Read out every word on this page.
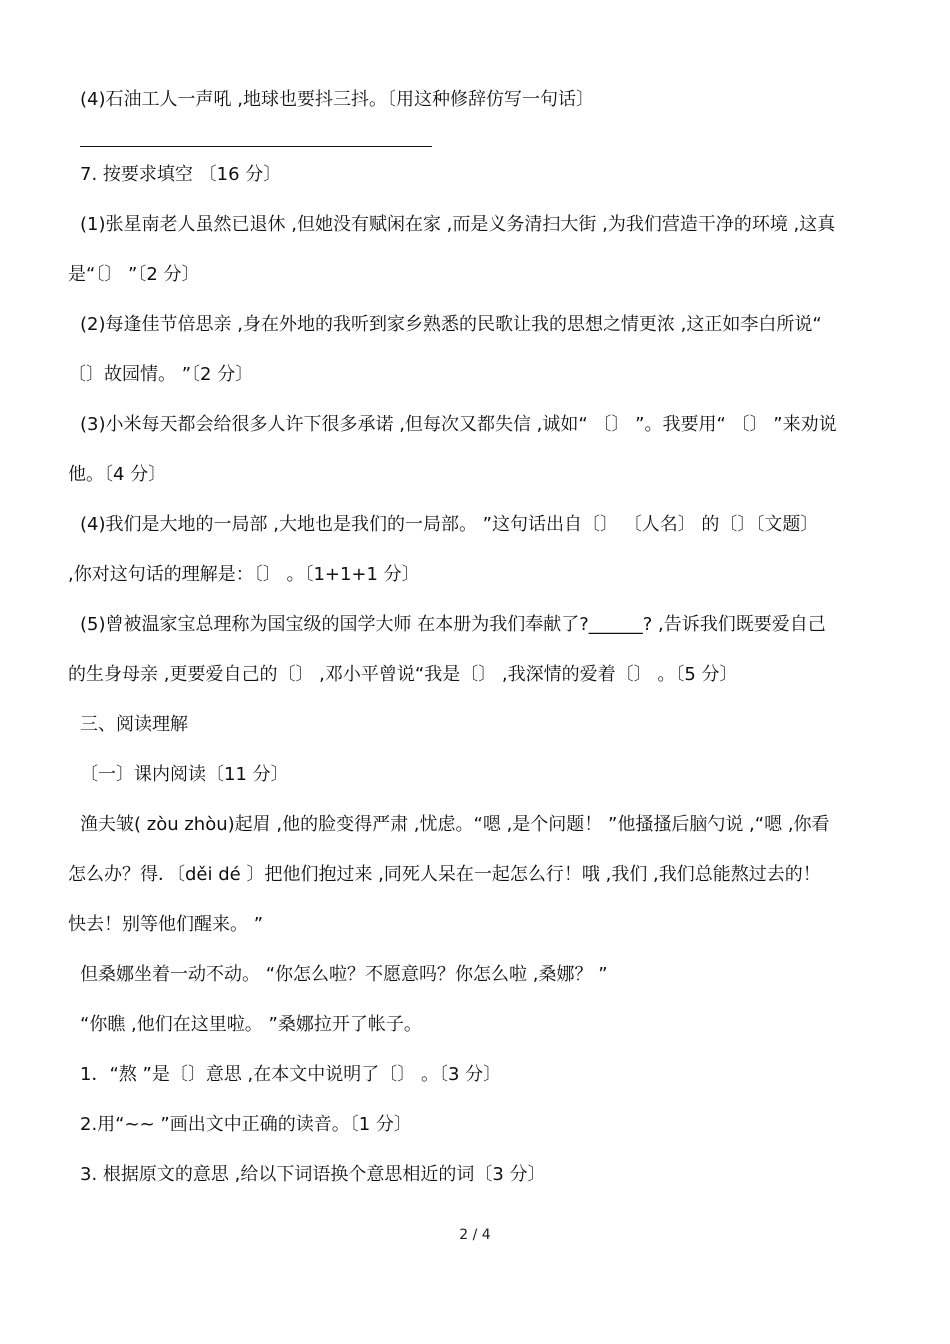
(4)石油工人一声吼 ,地球也要抖三抖。〔用这种修辞仿写一句话〕
7. 按要求填空 〔16 分〕
(1)张星南老人虽然已退休 ,但她没有赋闲在家 ,而是义务清扫大街 ,为我们营造干净的环境 ,这真
是“〔〕 ”〔2 分〕
(2)每逢佳节倍思亲 ,身在外地的我听到家乡熟悉的民歌让我的思想之情更浓 ,这正如李白所说“
〔〕故园情。 ”〔2 分〕
(3)小米每天都会给很多人许下很多承诺 ,但每次又都失信 ,诚如“ 〔〕 ”。我要用“ 〔〕 ”来劝说
他。〔4 分〕
(4)我们是大地的一局部 ,大地也是我们的一局部。 ”这句话出自〔〕 〔人名〕 的〔〕〔文题〕
,你对这句话的理解是：〔〕 。〔1+1+1 分〕
(5)曾被温家宝总理称为国宝级的国学大师 在本册为我们奉献了?______? ,告诉我们既要爱自己
的生身母亲 ,更要爱自己的〔〕 ,邓小平曾说“我是〔〕 ,我深情的爱着〔〕 。〔5 分〕
三、阅读理解
〔一〕课内阅读〔11 分〕
渔夫皱( zòu zhòu)起眉 ,他的脸变得严肃 ,忧虑。“嗯 ,是个问题！ ”他搔搔后脑勺说 ,“嗯 ,你看
怎么办？得．〔děi dé 〕把他们抱过来 ,同死人呆在一起怎么行！哦 ,我们 ,我们总能熬过去的！
快去！别等他们醒来。 ”
但桑娜坐着一动不动。 “你怎么啦？不愿意吗？你怎么啦 ,桑娜？ ”
“你瞧 ,他们在这里啦。 ”桑娜拉开了帐子。
1．“熬 ”是〔〕意思 ,在本文中说明了〔〕 。〔3 分〕
2.用“~~ ”画出文中正确的读音。〔1 分〕
3. 根据原文的意思 ,给以下词语换个意思相近的词〔3 分〕
2 / 4
